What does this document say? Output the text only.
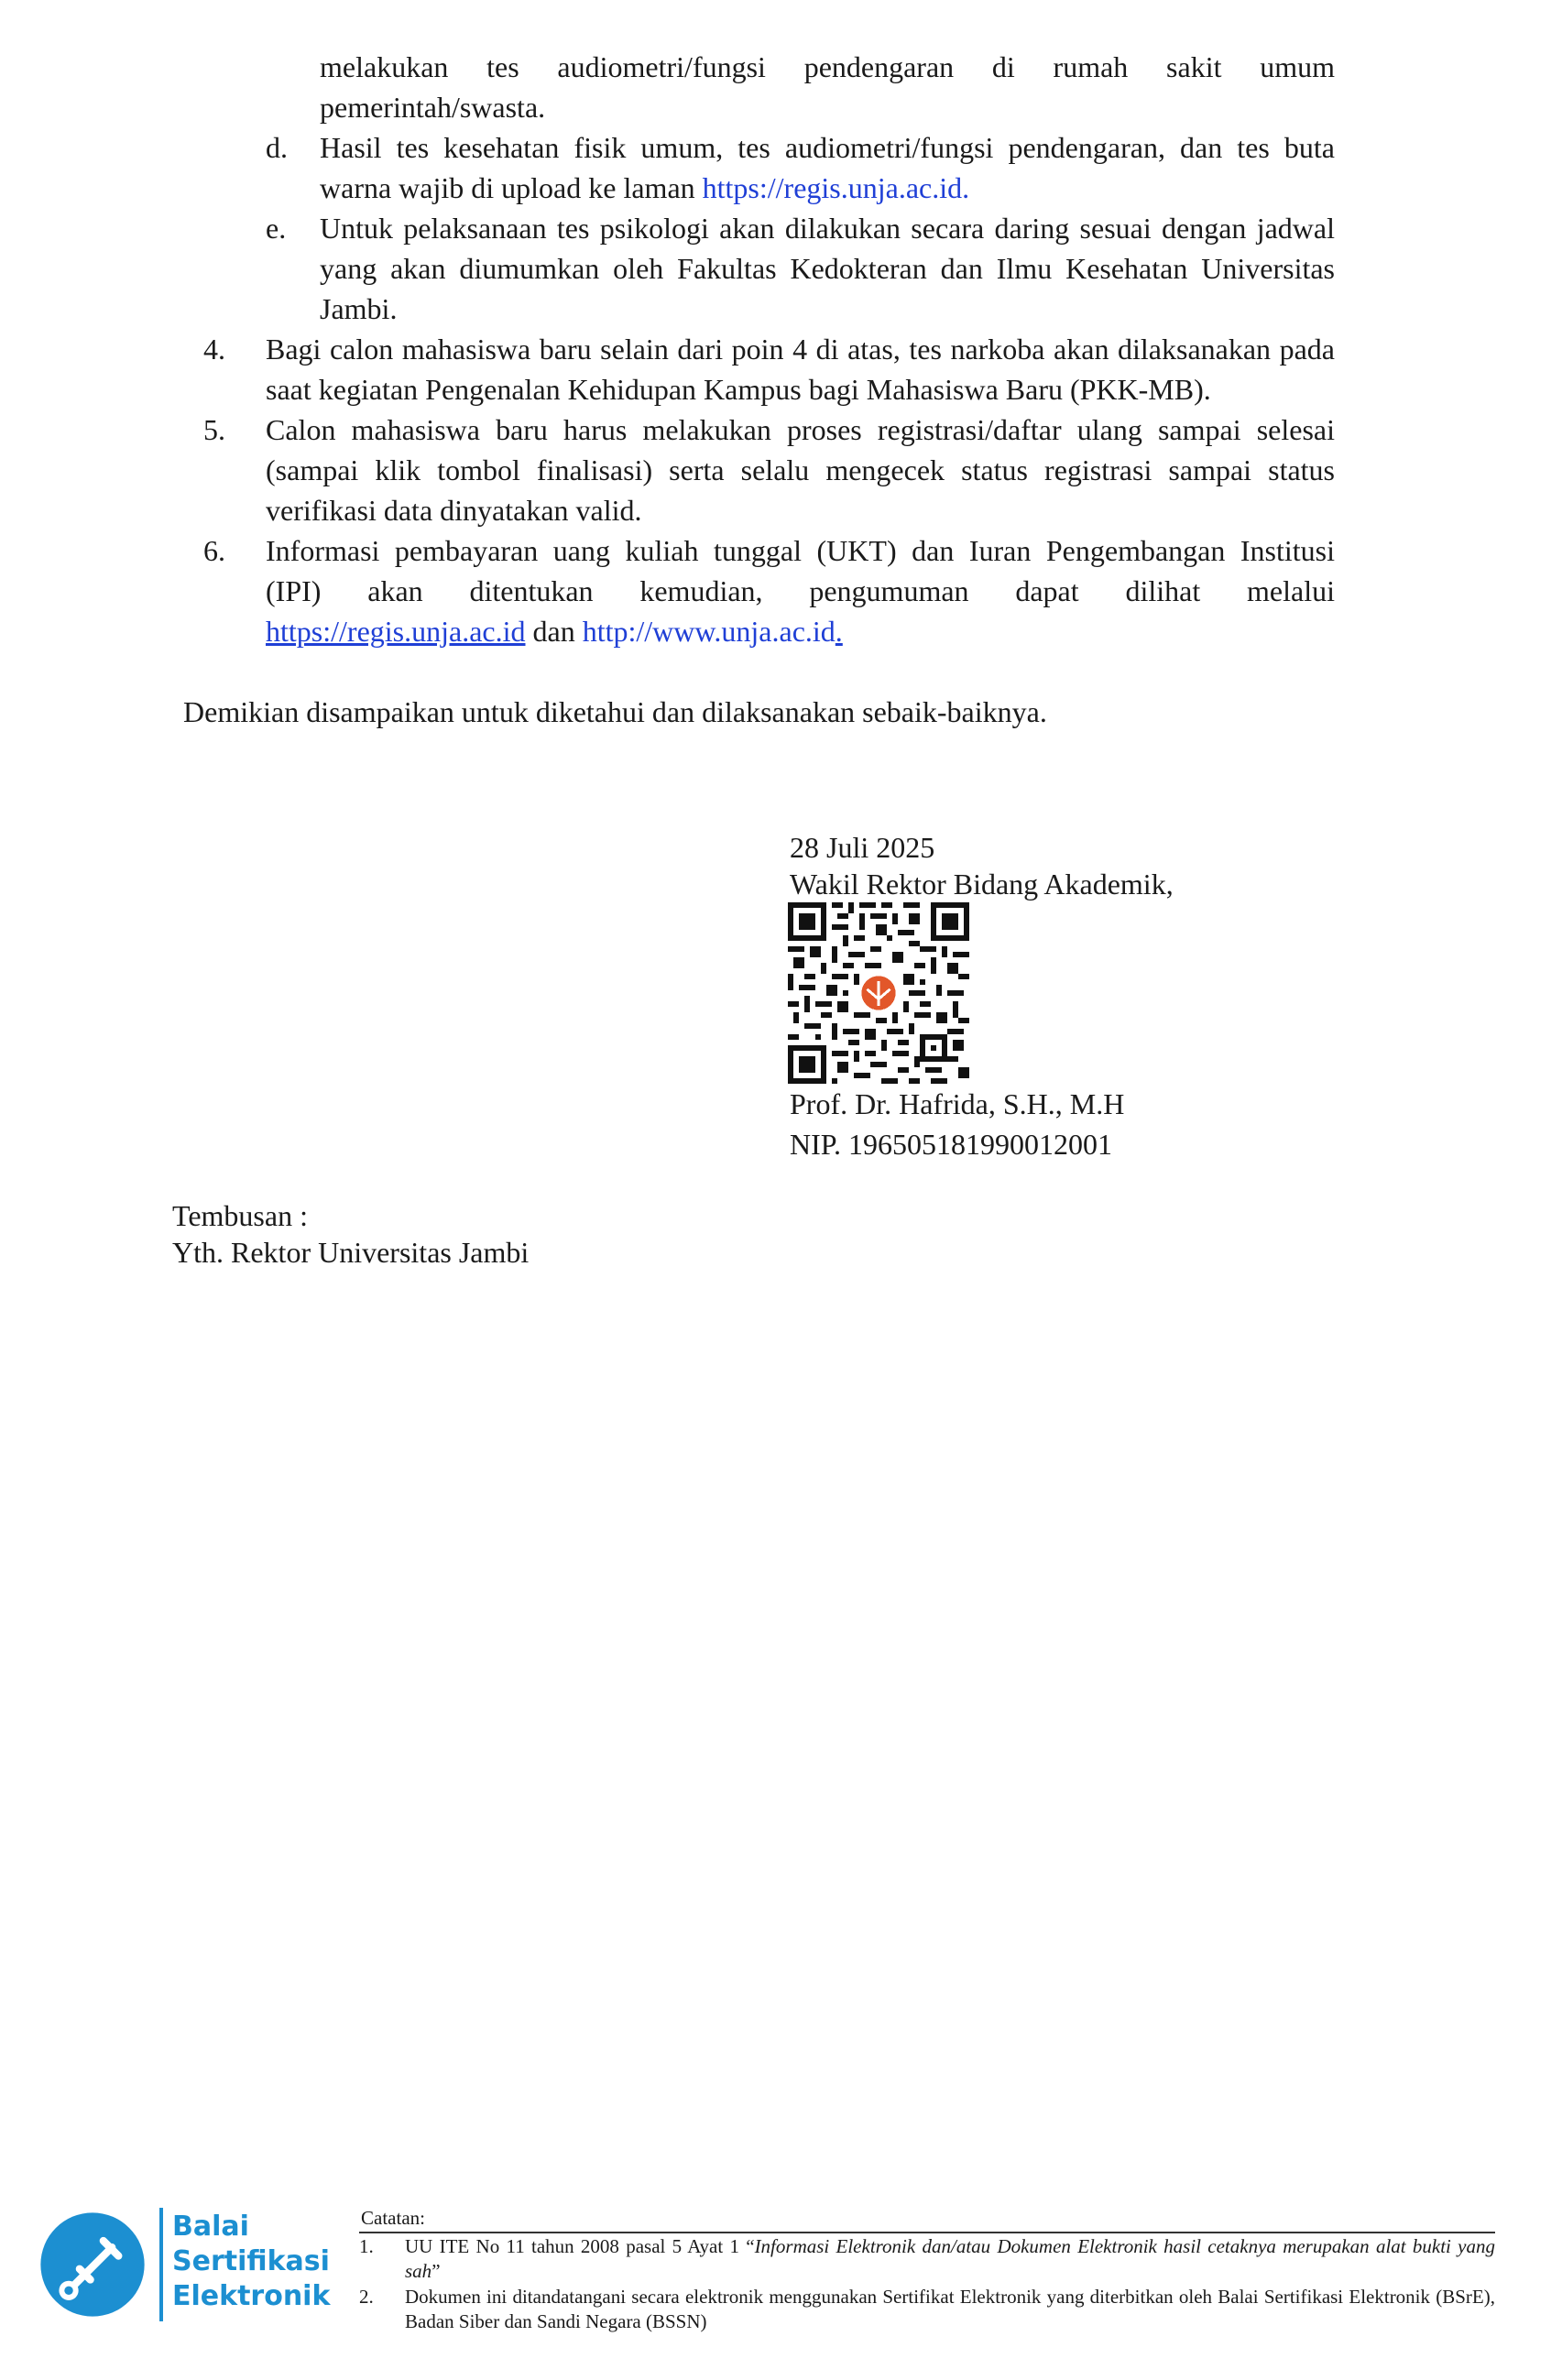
melakukan tes audiometri/fungsi pendengaran di rumah sakit umum
pemerintah/swasta.
d. Hasil tes kesehatan fisik umum, tes audiometri/fungsi pendengaran, dan tes buta warna wajib di upload ke laman https://regis.unja.ac.id.
e. Untuk pelaksanaan tes psikologi akan dilakukan secara daring sesuai dengan jadwal yang akan diumumkan oleh Fakultas Kedokteran dan Ilmu Kesehatan Universitas Jambi.
4. Bagi calon mahasiswa baru selain dari poin 4 di atas, tes narkoba akan dilaksanakan pada saat kegiatan Pengenalan Kehidupan Kampus bagi Mahasiswa Baru (PKK-MB).
5. Calon mahasiswa baru harus melakukan proses registrasi/daftar ulang sampai selesai (sampai klik tombol finalisasi) serta selalu mengecek status registrasi sampai status verifikasi data dinyatakan valid.
6. Informasi pembayaran uang kuliah tunggal (UKT) dan Iuran Pengembangan Institusi
(IPI) akan ditentukan kemudian, pengumuman dapat dilihat melalui
https://regis.unja.ac.id dan http://www.unja.ac.id.
Demikian disampaikan untuk diketahui dan dilaksanakan sebaik-baiknya.
28 Juli 2025
Wakil Rektor Bidang Akademik,
Prof. Dr. Hafrida, S.H., M.H
NIP. 196505181990012001
Tembusan :
Yth. Rektor Universitas Jambi
Balai
Sertifikasi
Elektronik
Catatan:
1. UU ITE No 11 tahun 2008 pasal 5 Ayat 1 “Informasi Elektronik dan/atau Dokumen Elektronik hasil cetaknya merupakan alat bukti yang sah”
2. Dokumen ini ditandatangani secara elektronik menggunakan Sertifikat Elektronik yang diterbitkan oleh Balai Sertifikasi Elektronik (BSrE), Badan Siber dan Sandi Negara (BSSN)
